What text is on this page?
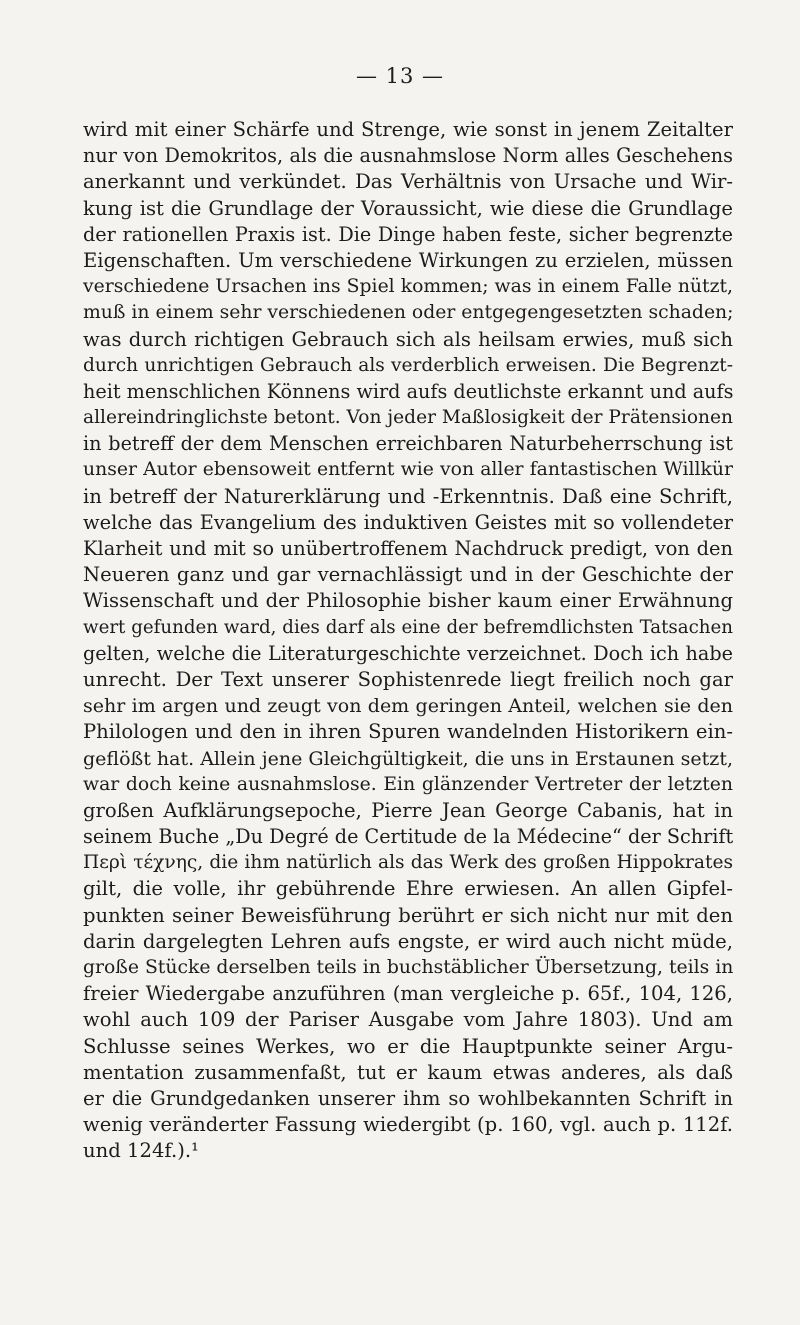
— 13 —
wird mit einer Schärfe und Strenge, wie sonst in jenem Zeitalter
nur von Demokritos, als die ausnahmslose Norm alles Geschehens
anerkannt und verkündet. Das Verhältnis von Ursache und Wir-
kung ist die Grundlage der Voraussicht, wie diese die Grundlage
der rationellen Praxis ist. Die Dinge haben feste, sicher begrenzte
Eigenschaften. Um verschiedene Wirkungen zu erzielen, müssen
verschiedene Ursachen ins Spiel kommen; was in einem Falle nützt,
muß in einem sehr verschiedenen oder entgegengesetzten schaden;
was durch richtigen Gebrauch sich als heilsam erwies, muß sich
durch unrichtigen Gebrauch als verderblich erweisen. Die Begrenzt-
heit menschlichen Könnens wird aufs deutlichste erkannt und aufs
allereindringlichste betont. Von jeder Maßlosigkeit der Prätensionen
in betreff der dem Menschen erreichbaren Naturbeherrschung ist
unser Autor ebensoweit entfernt wie von aller fantastischen Willkür
in betreff der Naturerklärung und -Erkenntnis. Daß eine Schrift,
welche das Evangelium des induktiven Geistes mit so vollendeter
Klarheit und mit so unübertroffenem Nachdruck predigt, von den
Neueren ganz und gar vernachlässigt und in der Geschichte der
Wissenschaft und der Philosophie bisher kaum einer Erwähnung
wert gefunden ward, dies darf als eine der befremdlichsten Tatsachen
gelten, welche die Literaturgeschichte verzeichnet. Doch ich habe
unrecht. Der Text unserer Sophistenrede liegt freilich noch gar
sehr im argen und zeugt von dem geringen Anteil, welchen sie den
Philologen und den in ihren Spuren wandelnden Historikern ein-
geflößt hat. Allein jene Gleichgültigkeit, die uns in Erstaunen setzt,
war doch keine ausnahmslose. Ein glänzender Vertreter der letzten
großen Aufklärungsepoche, Pierre Jean George Cabanis, hat in
seinem Buche „Du Degré de Certitude de la Médecine“ der Schrift
Περὶ τέχνης, die ihm natürlich als das Werk des großen Hippokrates
gilt, die volle, ihr gebührende Ehre erwiesen. An allen Gipfel-
punkten seiner Beweisführung berührt er sich nicht nur mit den
darin dargelegten Lehren aufs engste, er wird auch nicht müde,
große Stücke derselben teils in buchstäblicher Übersetzung, teils in
freier Wiedergabe anzuführen (man vergleiche p. 65f., 104, 126,
wohl auch 109 der Pariser Ausgabe vom Jahre 1803). Und am
Schlusse seines Werkes, wo er die Hauptpunkte seiner Argu-
mentation zusammenfaßt, tut er kaum etwas anderes, als daß
er die Grundgedanken unserer ihm so wohlbekannten Schrift in
wenig veränderter Fassung wiedergibt (p. 160, vgl. auch p. 112f.
und 124f.).¹
